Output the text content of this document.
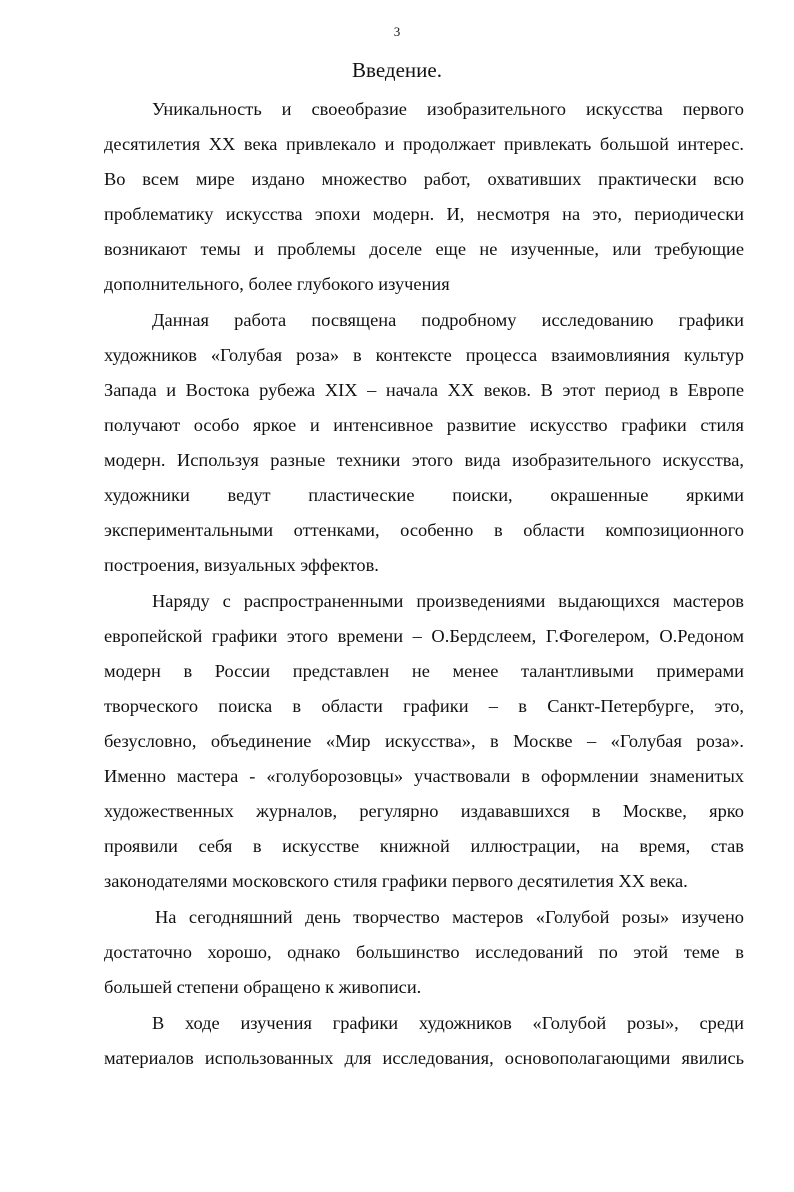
3
Введение.
Уникальность и своеобразие изобразительного искусства первого
десятилетия XX века привлекало и продолжает привлекать большой интерес.
Во всем мире издано множество работ, охвативших практически всю
проблематику искусства эпохи модерн. И, несмотря на это, периодически
возникают темы и проблемы доселе еще не изученные, или требующие
дополнительного, более глубокого изучения
Данная работа посвящена подробному исследованию графики
художников «Голубая роза» в контексте процесса взаимовлияния культур
Запада и Востока рубежа XIX – начала XX веков. В этот период в Европе
получают особо яркое и интенсивное развитие искусство графики стиля
модерн. Используя разные техники этого вида изобразительного искусства,
художники ведут пластические поиски, окрашенные яркими
экспериментальными оттенками, особенно в области композиционного
построения, визуальных эффектов.
Наряду с распространенными произведениями выдающихся мастеров
европейской графики этого времени – О.Бердслеем, Г.Фогелером, О.Редоном
модерн в России представлен не менее талантливыми примерами
творческого поиска в области графики – в Санкт-Петербурге, это,
безусловно, объединение «Мир искусства», в Москве – «Голубая роза».
Именно мастера - «голуборозовцы» участвовали в оформлении знаменитых
художественных журналов, регулярно издававшихся в Москве, ярко
проявили себя в искусстве книжной иллюстрации, на время, став
законодателями московского стиля графики первого десятилетия XX века.
На сегодняшний день творчество мастеров «Голубой розы» изучено
достаточно хорошо, однако большинство исследований по этой теме в
большей степени обращено к живописи.
В ходе изучения графики художников «Голубой розы», среди
материалов использованных для исследования, основополагающими явились
